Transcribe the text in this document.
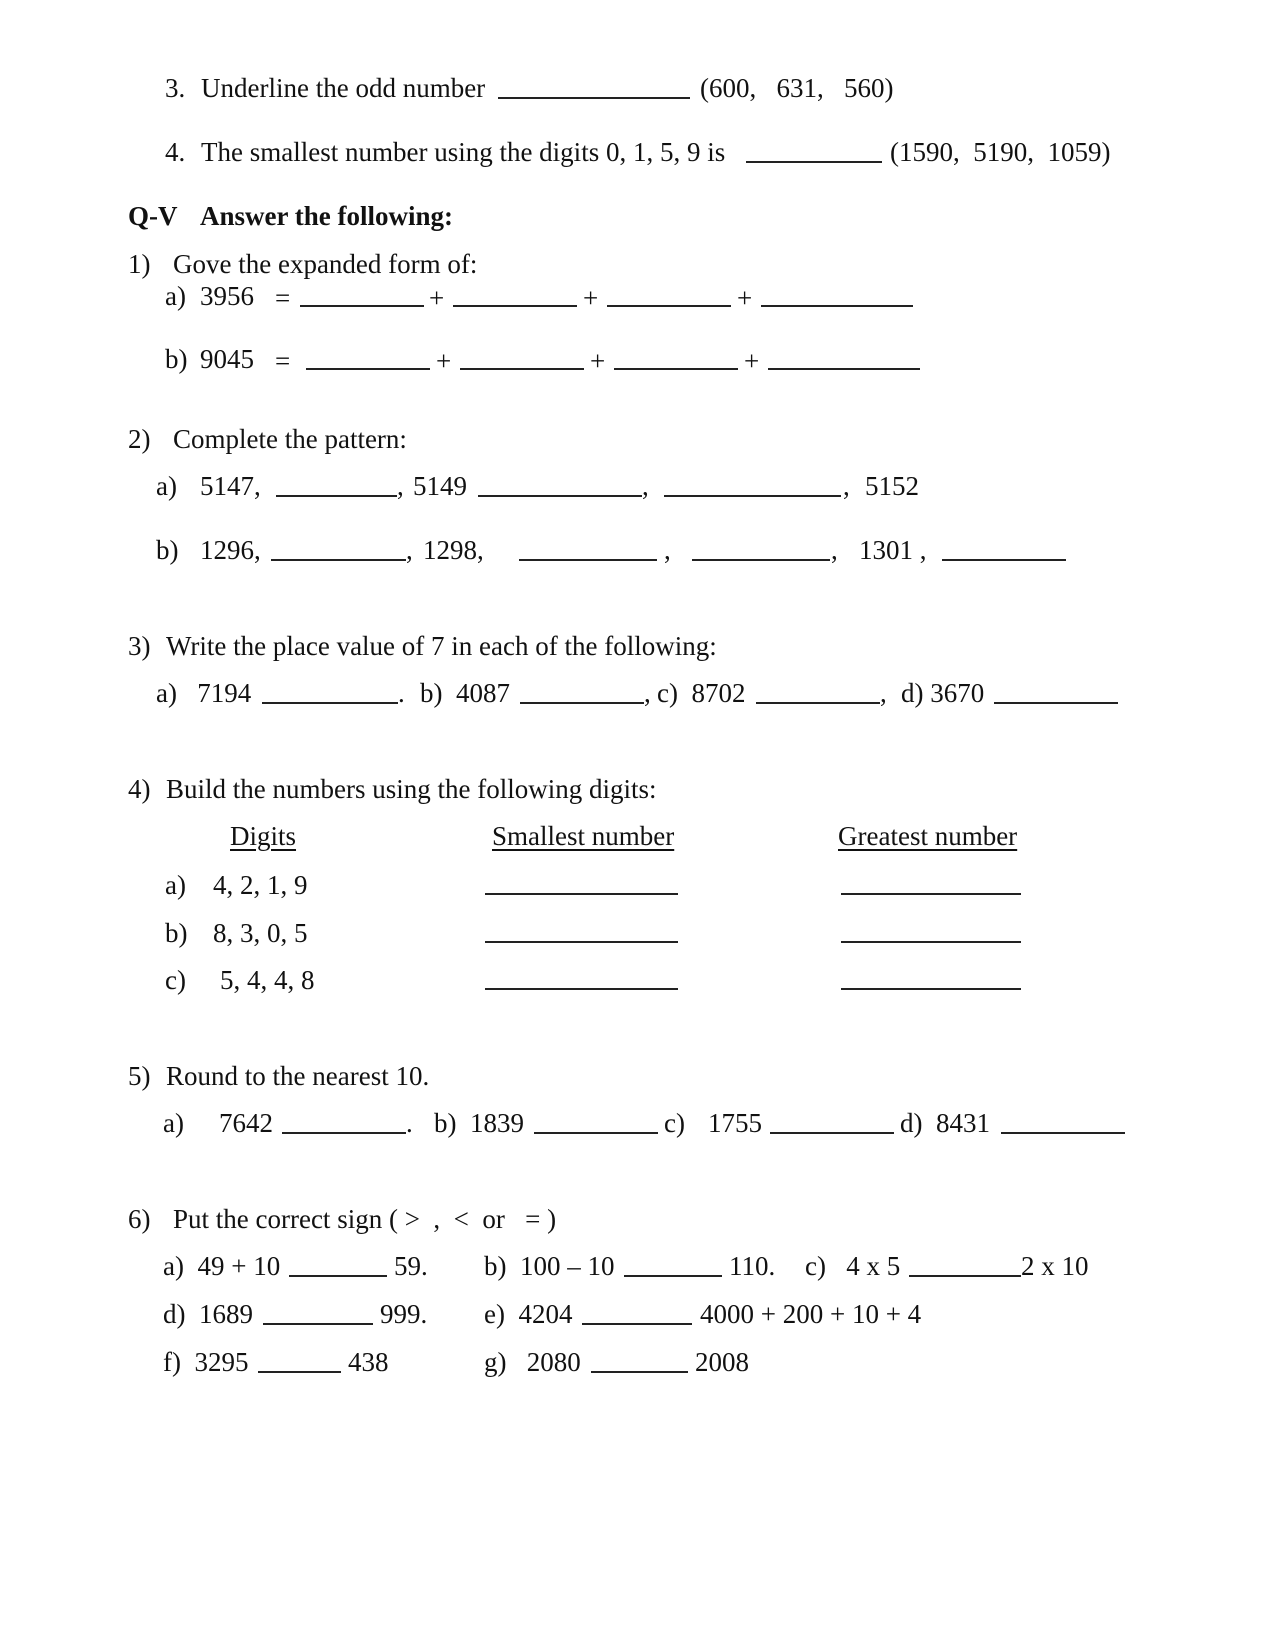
3. Underline the odd number	(600,   631,   560)
4. The smallest number using the digits 0, 1, 5, 9 is	(1590,  5190,  1059)
Q-V Answer the following:
1) Gove the expanded form of:
a) 3956 =	+	+	+
b) 9045 =	+	+	+
2) Complete the pattern:
a) 5147,	, 5149	,	, 5152
b) 1296,	, 1298,	,	, 1301 ,
3) Write the place value of 7 in each of the following:
a)   7194	. b)  4087	, c)  8702	, d) 3670
4) Build the numbers using the following digits:
Digits	Smallest number	Greatest number
a) 4, 2, 1, 9
b) 8, 3, 0, 5
c) 5, 4, 4, 8
5) Round to the nearest 10.
a) 7642	. b)  1839	c) 1755	d)  8431
6) Put the correct sign ( >  ,  <  or   = )
a)  49 + 10	59. b)  100 – 10	110. c)   4 x 5	2 x 10
d)  1689	999. e)  4204	4000 + 200 + 10 + 4
f)  3295	438	g)   2080	2008
